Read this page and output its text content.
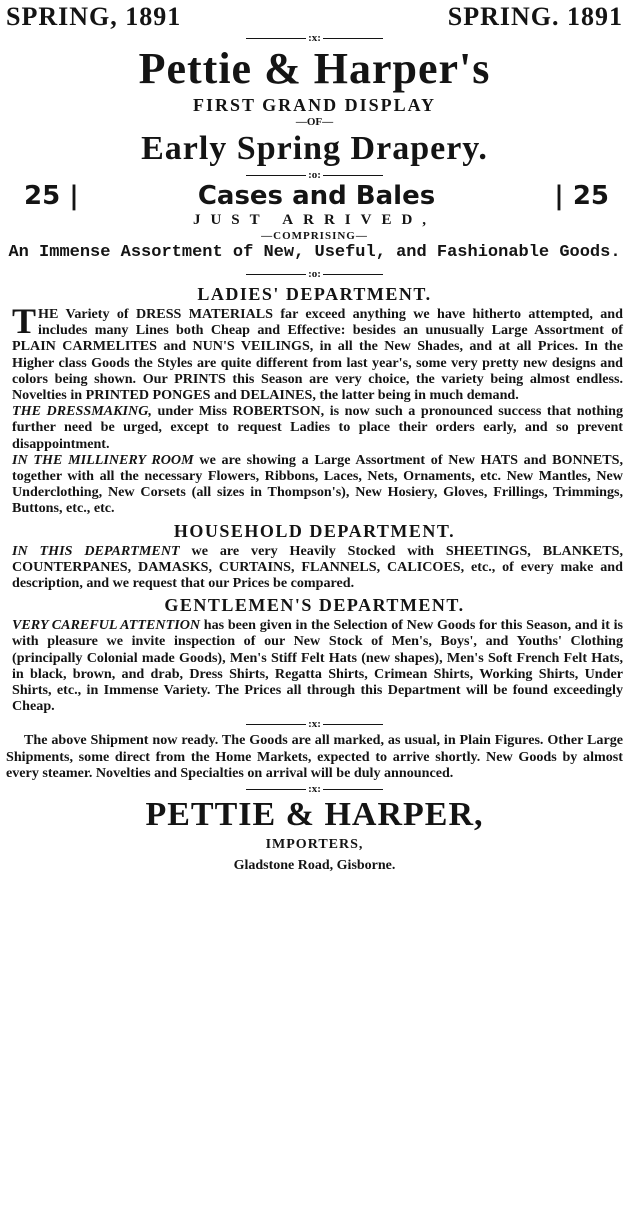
SPRING, 1891	SPRING. 1891
:x:
Pettie & Harper's
FIRST GRAND DISPLAY
—OF—
Early Spring Drapery.
:o:
25 |	Cases and Bales	| 25
JUST ARRIVED,
—COMPRISING—
An Immense Assortment of New, Useful, and Fashionable Goods.
:o:
LADIES' DEPARTMENT.

THE Variety of DRESS MATERIALS far exceed anything we have hitherto attempted, and includes many Lines both Cheap and Effective: besides an unusually Large Assortment of PLAIN CARMELITES and NUN'S VEILINGS, in all the New Shades, and at all Prices. In the Higher class Goods the Styles are quite different from last year's, some very pretty new designs and colors being shown. Our PRINTS this Season are very choice, the variety being almost endless. Novelties in PRINTED PONGES and DELAINES, the latter being in much demand.

THE DRESSMAKING, under Miss ROBERTSON, is now such a pronounced success that nothing further need be urged, except to request Ladies to place their orders early, and so prevent disappointment.

IN THE MILLINERY ROOM we are showing a Large Assortment of New HATS and BONNETS, together with all the necessary Flowers, Ribbons, Laces, Nets, Ornaments, etc. New Mantles, New Underclothing, New Corsets (all sizes in Thompson's), New Hosiery, Gloves, Frillings, Trimmings, Buttons, etc., etc.

HOUSEHOLD DEPARTMENT.

IN THIS DEPARTMENT we are very Heavily Stocked with SHEETINGS, BLANKETS, COUNTERPANES, DAMASKS, CURTAINS, FLANNELS, CALICOES, etc., of every make and description, and we request that our Prices be compared.

GENTLEMEN'S DEPARTMENT.

VERY CAREFUL ATTENTION has been given in the Selection of New Goods for this Season, and it is with pleasure we invite inspection of our New Stock of Men's, Boys', and Youths' Clothing (principally Colonial made Goods), Men's Stiff Felt Hats (new shapes), Men's Soft French Felt Hats, in black, brown, and drab, Dress Shirts, Regatta Shirts, Crimean Shirts, Working Shirts, Under Shirts, etc., in Immense Variety. The Prices all through this Department will be found exceedingly Cheap.

:x:

The above Shipment now ready. The Goods are all marked, as usual, in Plain Figures. Other Large Shipments, some direct from the Home Markets, expected to arrive shortly. New Goods by almost every steamer. Novelties and Specialties on arrival will be duly announced.

:x:
PETTIE & HARPER,
IMPORTERS,
Gladstone Road, Gisborne.
